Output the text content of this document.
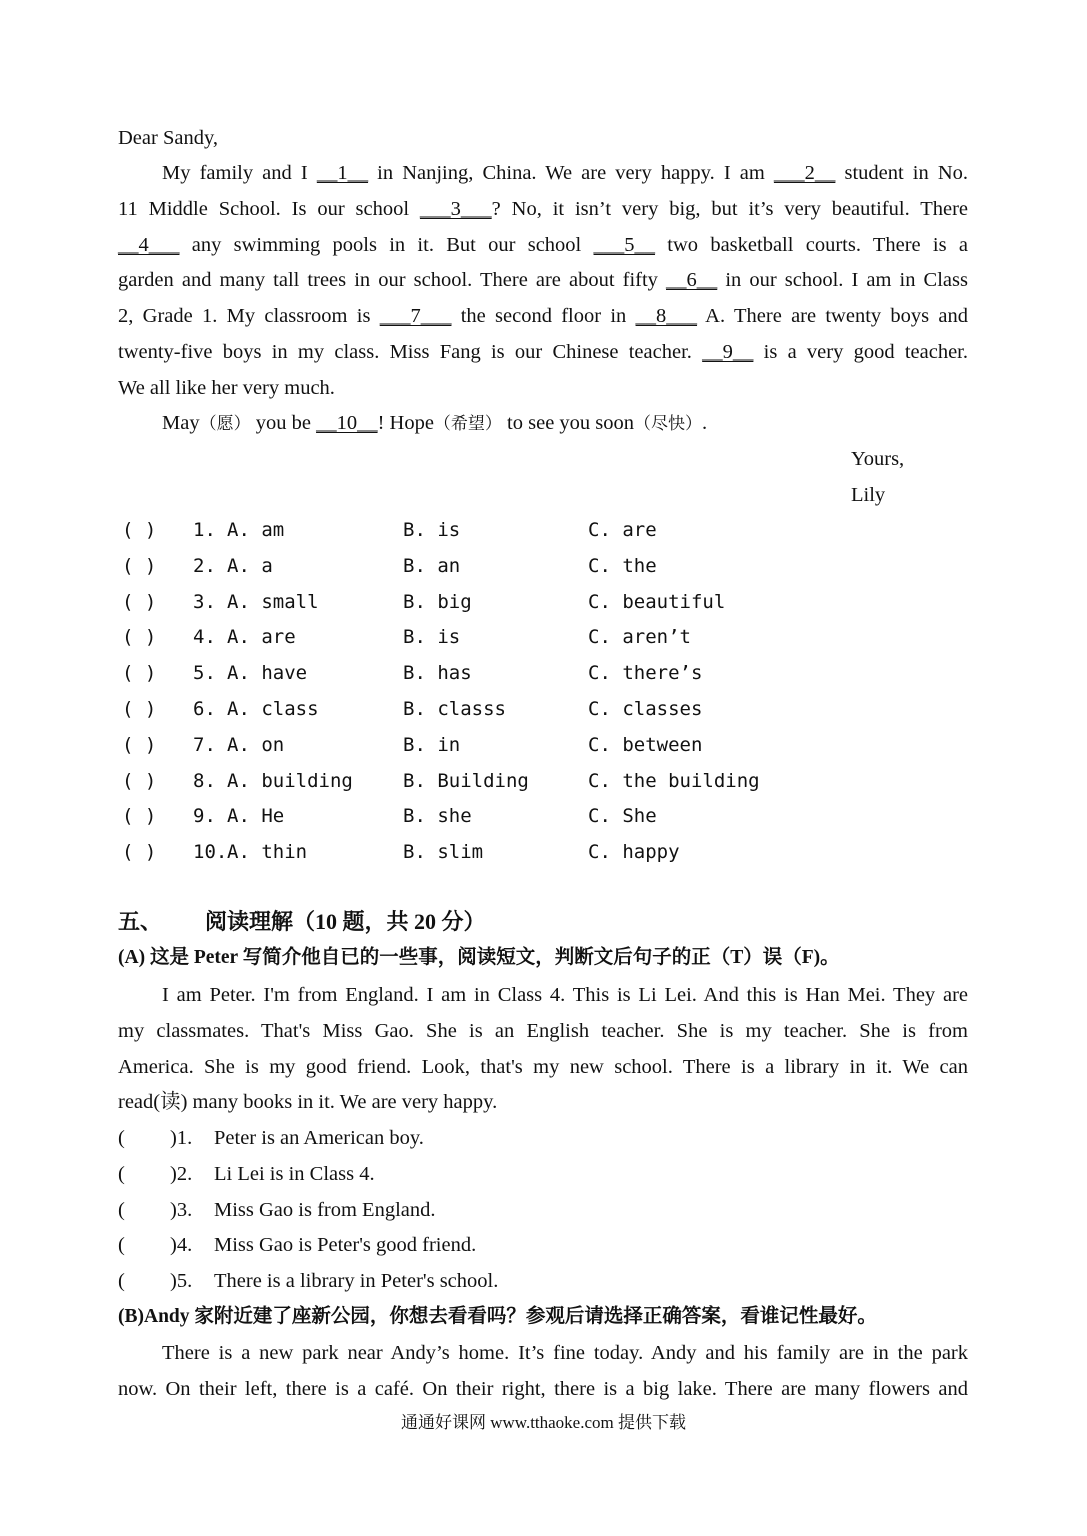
Dear Sandy,
My family and I __1__ in Nanjing, China. We are very happy. I am ___2__ student in No.
11 Middle School. Is our school ___3___? No, it isn’t very big, but it’s very beautiful. There
__4___ any swimming pools in it. But our school ___5__ two basketball courts. There is a
garden and many tall trees in our school. There are about fifty __6__ in our school. I am in Class
2, Grade 1. My classroom is ___7___ the second floor in __8___ A. There are twenty boys and
twenty-five boys in my class. Miss Fang is our Chinese teacher. __9__ is a very good teacher.
We all like her very much.
May（愿） you be __10__! Hope（希望） to see you soon（尽快）.
Yours,
Lily
( ) 1. A. am	B. is	C. are
( ) 2. A. a	B. an	C. the
( ) 3. A. small	B. big	C. beautiful
( ) 4. A. are	B. is	C. aren’t
( ) 5. A. have	B. has	C. there’s
( ) 6. A. class	B. classs	C. classes
( ) 7. A. on	B. in	C. between
( ) 8. A. building	B. Building	C. the building
( ) 9. A. He	B. she	C. She
( ) 10. A. thin	B. slim	C. happy
五、 阅读理解（10 题，共 20 分）
(A) 这是 Peter 写简介他自已的一些事，阅读短文，判断文后句子的正（T）误（F)。
I am Peter. I'm from England. I am in Class 4. This is Li Lei. And this is Han Mei. They are
my classmates. That's Miss Gao. She is an English teacher. She is my teacher. She is from
America. She is my good friend. Look, that's my new school. There is a library in it. We can
read(读) many books in it. We are very happy.
( )1. Peter is an American boy.
( )2. Li Lei is in Class 4.
( )3. Miss Gao is from England.
( )4. Miss Gao is Peter's good friend.
( )5. There is a library in Peter's school.
(B)Andy 家附近建了座新公园，你想去看看吗？参观后请选择正确答案，看谁记性最好。
There is a new park near Andy’s home. It’s fine today. Andy and his family are in the park
now. On their left, there is a café. On their right, there is a big lake. There are many flowers and
通通好课网 www.tthaoke.com 提供下载
